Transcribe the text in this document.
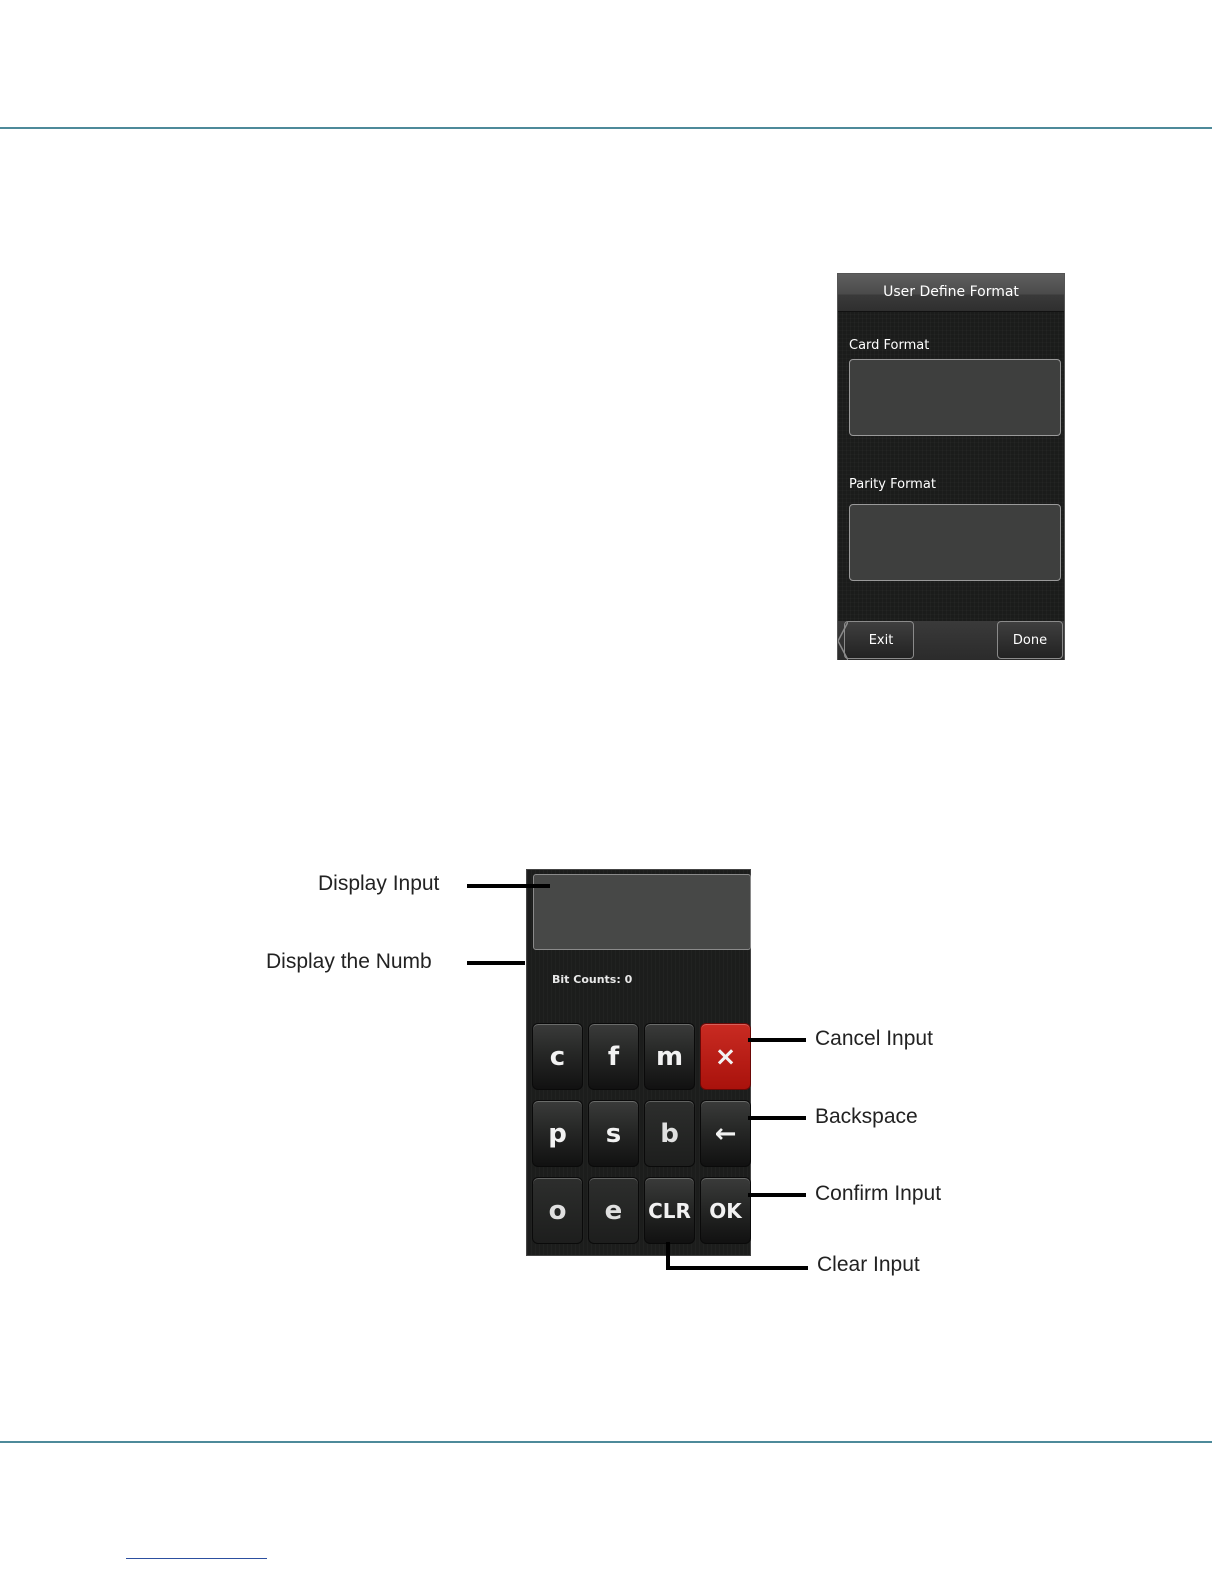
User Define Format
Card Format
Parity Format
Exit	Done
Bit Counts: 0
c	f	m	×
p	s	b	←
o	e	CLR OK
Display Input
Display the Numb
Cancel Input
Backspace
Confirm Input
Clear Input
